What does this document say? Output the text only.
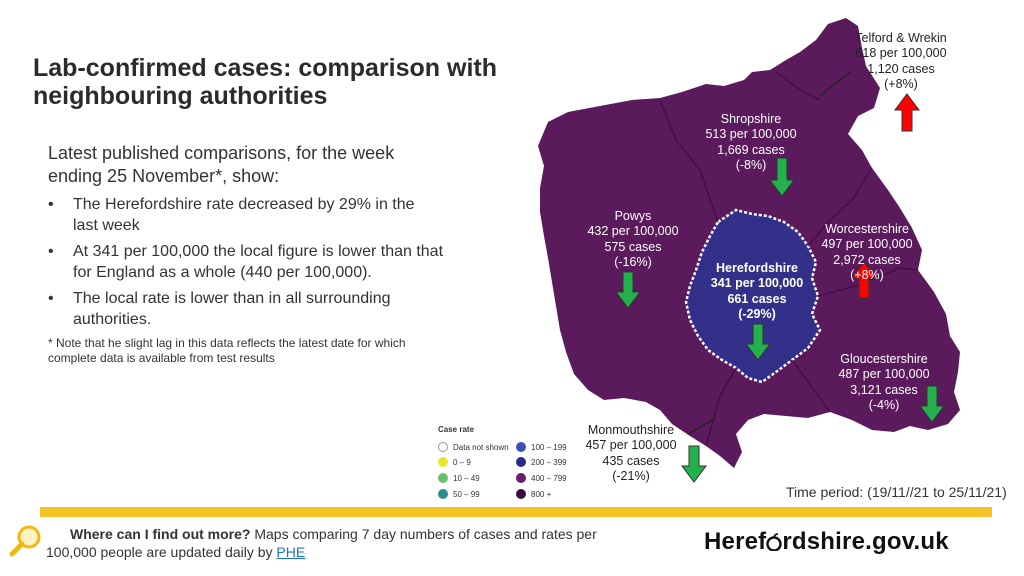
Lab-confirmed cases: comparison with neighbouring authorities
Latest published comparisons, for the week ending 25 November*, show:
• The Herefordshire rate decreased by 29% in the last week
• At 341 per 100,000 the local figure is lower than that for England as a whole (440 per 100,000).
• The local rate is lower than in all surrounding authorities.
* Note that he slight lag in this data reflects the latest date for which complete data is available from test results
Telford & Wrekin
618 per 100,000
1,120 cases
(+8%)
Shropshire
513 per 100,000
1,669 cases
(-8%)
Powys
432 per 100,000
575 cases
(-16%)
Worcestershire
497 per 100,000
2,972 cases
(+8%)
Herefordshire
341 per 100,000
661 cases
(-29%)
Gloucestershire
487 per 100,000
3,121 cases
(-4%)
Monmouthshire
457 per 100,000
435 cases
(-21%)
Case rate
Data not shown
0 – 9
10 – 49
50 – 99
100 – 199
200 – 399
400 – 799
800 +	Time period: (19/11//21 to 25/11/21)
Where can I find out more? Maps comparing 7 day numbers of cases and rates per 100,000 people are updated daily by PHE	Heref rdshire.gov.uk
